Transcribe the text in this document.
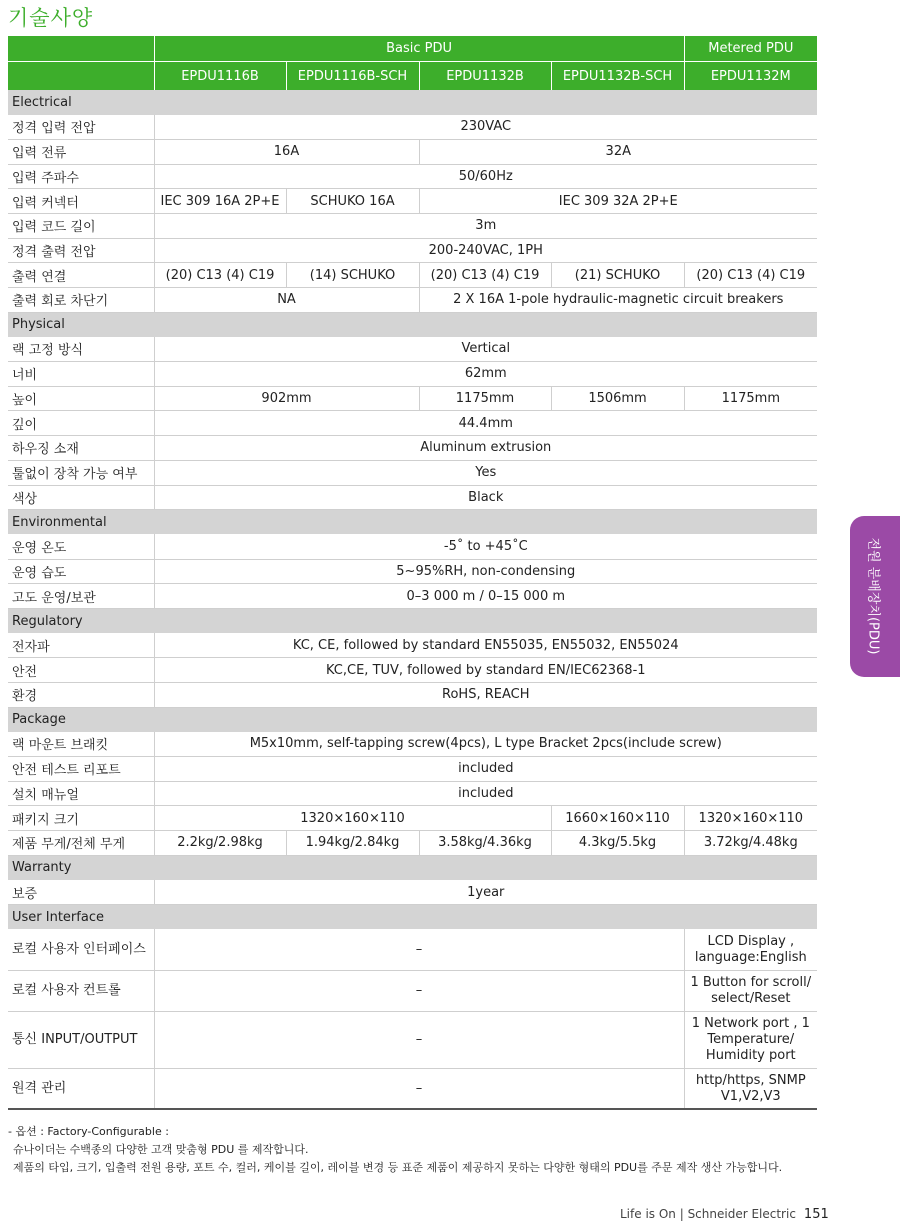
기술사양
	Basic PDU				Metered PDU
	EPDU1116B	EPDU1116B-SCH	EPDU1132B	EPDU1132B-SCH	EPDU1132M
Electrical					
정격 입력 전압	230VAC				
입력 전류	16A		32A		
입력 주파수	50/60Hz				
입력 커넥터	IEC 309 16A 2P+E	SCHUKO 16A	IEC 309 32A 2P+E		
입력 코드 길이	3m				
정격 출력 전압	200-240VAC, 1PH				
출력 연결	(20) C13 (4) C19	(14) SCHUKO	(20) C13 (4) C19	(21) SCHUKO	(20) C13 (4) C19
출력 회로 차단기	NA		2 X 16A 1-pole hydraulic-magnetic circuit breakers		
Physical					
랙 고정 방식	Vertical				
너비	62mm				
높이	902mm		1175mm	1506mm	1175mm
깊이	44.4mm				
하우징 소재	Aluminum extrusion				
툴없이 장착 가능 여부	Yes				
색상	Black				
Environmental					
운영 온도	-5˚ to +45˚C				
운영 습도	5~95%RH, non-condensing				
고도 운영/보관	0–3 000 m / 0–15 000 m				
Regulatory					
전자파	KC, CE, followed by standard EN55035, EN55032, EN55024				
안전	KC,CE, TUV, followed by standard EN/IEC62368-1				
환경	RoHS, REACH				
Package					
랙 마운트 브래킷	M5x10mm, self-tapping screw(4pcs), L type Bracket 2pcs(include screw)				
안전 테스트 리포트	included				
설치 매뉴얼	included				
패키지 크기	1320×160×110			1660×160×110	1320×160×110
제품 무게/전체 무게	2.2kg/2.98kg	1.94kg/2.84kg	3.58kg/4.36kg	4.3kg/5.5kg	3.72kg/4.48kg
Warranty					
보증	1year				
User Interface					
로컬 사용자 인터페이스	–				LCD Display , language:English
로컬 사용자 컨트롤	–				1 Button for scroll/ select/Reset
통신 INPUT/OUTPUT	–				1 Network port , 1 Temperature/ Humidity port
원격 관리	–				http/https, SNMP V1,V2,V3
- 옵션 : Factory-Configurable :
슈나이더는 수백종의 다양한 고객 맞춤형 PDU 를 제작합니다.
제품의 타입, 크기, 입출력 전원 용량, 포트 수, 컬러, 케이블 길이, 레이블 변경 등 표준 제품이 제공하지 못하는 다양한 형태의 PDU를 주문 제작 생산 가능합니다.
전원 분배장치(PDU)
Life is On | Schneider Electric 151
